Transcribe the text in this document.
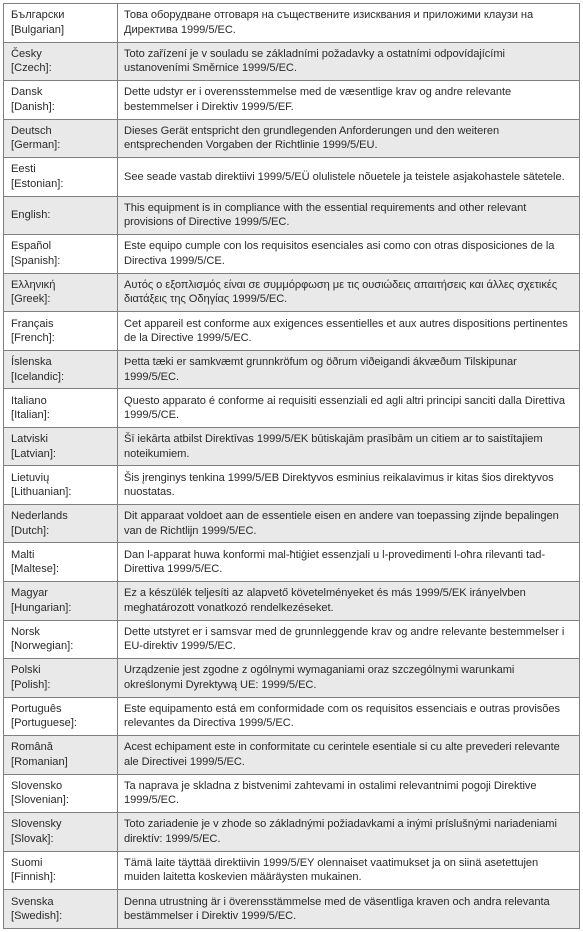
Български
[Bulgarian]	Това оборудване отговаря на съществените изисквания и приложими клаузи на Директива 1999/5/EC.

Česky
[Czech]:	Toto zařízení je v souladu se základními požadavky a ostatními odpovídajícími ustanoveními Směrnice 1999/5/EC.

Dansk
[Danish]:	Dette udstyr er i overensstemmelse med de væsentlige krav og andre relevante bestemmelser i Direktiv 1999/5/EF.

Deutsch
[German]:	Dieses Gerät entspricht den grundlegenden Anforderungen und den weiteren entsprechenden Vorgaben der Richtlinie 1999/5/EU.

Eesti
[Estonian]:	See seade vastab direktiivi 1999/5/EÜ olulistele nõuetele ja teistele asjakohastele sätetele.

English:	This equipment is in compliance with the essential requirements and other relevant provisions of Directive 1999/5/EC.

Español
[Spanish]:	Este equipo cumple con los requisitos esenciales asi como con otras disposiciones de la Directiva 1999/5/CE.

Ελληνική
[Greek]:	Αυτός ο εξοπλισμός είναι σε συμμόρφωση με τις ουσιώδεις απαιτήσεις και άλλες σχετικές διατάξεις της Οδηγίας 1999/5/EC.

Français
[French]:	Cet appareil est conforme aux exigences essentielles et aux autres dispositions pertinentes de la Directive 1999/5/EC.

Íslenska
[Icelandic]:	Þetta tæki er samkvæmt grunnkröfum og öðrum viðeigandi ákvæðum Tilskipunar 1999/5/EC.

Italiano
[Italian]:	Questo apparato é conforme ai requisiti essenziali ed agli altri principi sanciti dalla Direttiva 1999/5/CE.

Latviski
[Latvian]:	Šī iekārta atbilst Direktīvas 1999/5/EK būtiskajām prasībām un citiem ar to saistītajiem noteikumiem.

Lietuvių
[Lithuanian]:	Šis įrenginys tenkina 1999/5/EB Direktyvos esminius reikalavimus ir kitas šios direktyvos nuostatas.

Nederlands
[Dutch]:	Dit apparaat voldoet aan de essentiele eisen en andere van toepassing zijnde bepalingen van de Richtlijn 1999/5/EC.

Malti
[Maltese]:	Dan l-apparat huwa konformi mal-ħtiġiet essenzjali u l-provedimenti l-oħra rilevanti tad-Direttiva 1999/5/EC.

Magyar
[Hungarian]:	Ez a készülék teljesíti az alapvető követelményeket és más 1999/5/EK irányelvben meghatározott vonatkozó rendelkezéseket.

Norsk
[Norwegian]:	Dette utstyret er i samsvar med de grunnleggende krav og andre relevante bestemmelser i EU-direktiv 1999/5/EC.

Polski
[Polish]:	Urządzenie jest zgodne z ogólnymi wymaganiami oraz szczególnymi warunkami określonymi Dyrektywą UE: 1999/5/EC.

Português
[Portuguese]:	Este equipamento está em conformidade com os requisitos essenciais e outras provisões relevantes da Directiva 1999/5/EC.

Română
[Romanian]	Acest echipament este in conformitate cu cerintele esentiale si cu alte prevederi relevante ale Directivei 1999/5/EC.

Slovensko
[Slovenian]:	Ta naprava je skladna z bistvenimi zahtevami in ostalimi relevantnimi pogoji Direktive 1999/5/EC.

Slovensky
[Slovak]:	Toto zariadenie je v zhode so základnými požiadavkami a inými príslušnými nariadeniami direktív: 1999/5/EC.

Suomi
[Finnish]:	Tämä laite täyttää direktiivin 1999/5/EY olennaiset vaatimukset ja on siinä asetettujen muiden laitetta koskevien määräysten mukainen.

Svenska
[Swedish]:	Denna utrustning är i överensstämmelse med de väsentliga kraven och andra relevanta bestämmelser i Direktiv 1999/5/EC.
